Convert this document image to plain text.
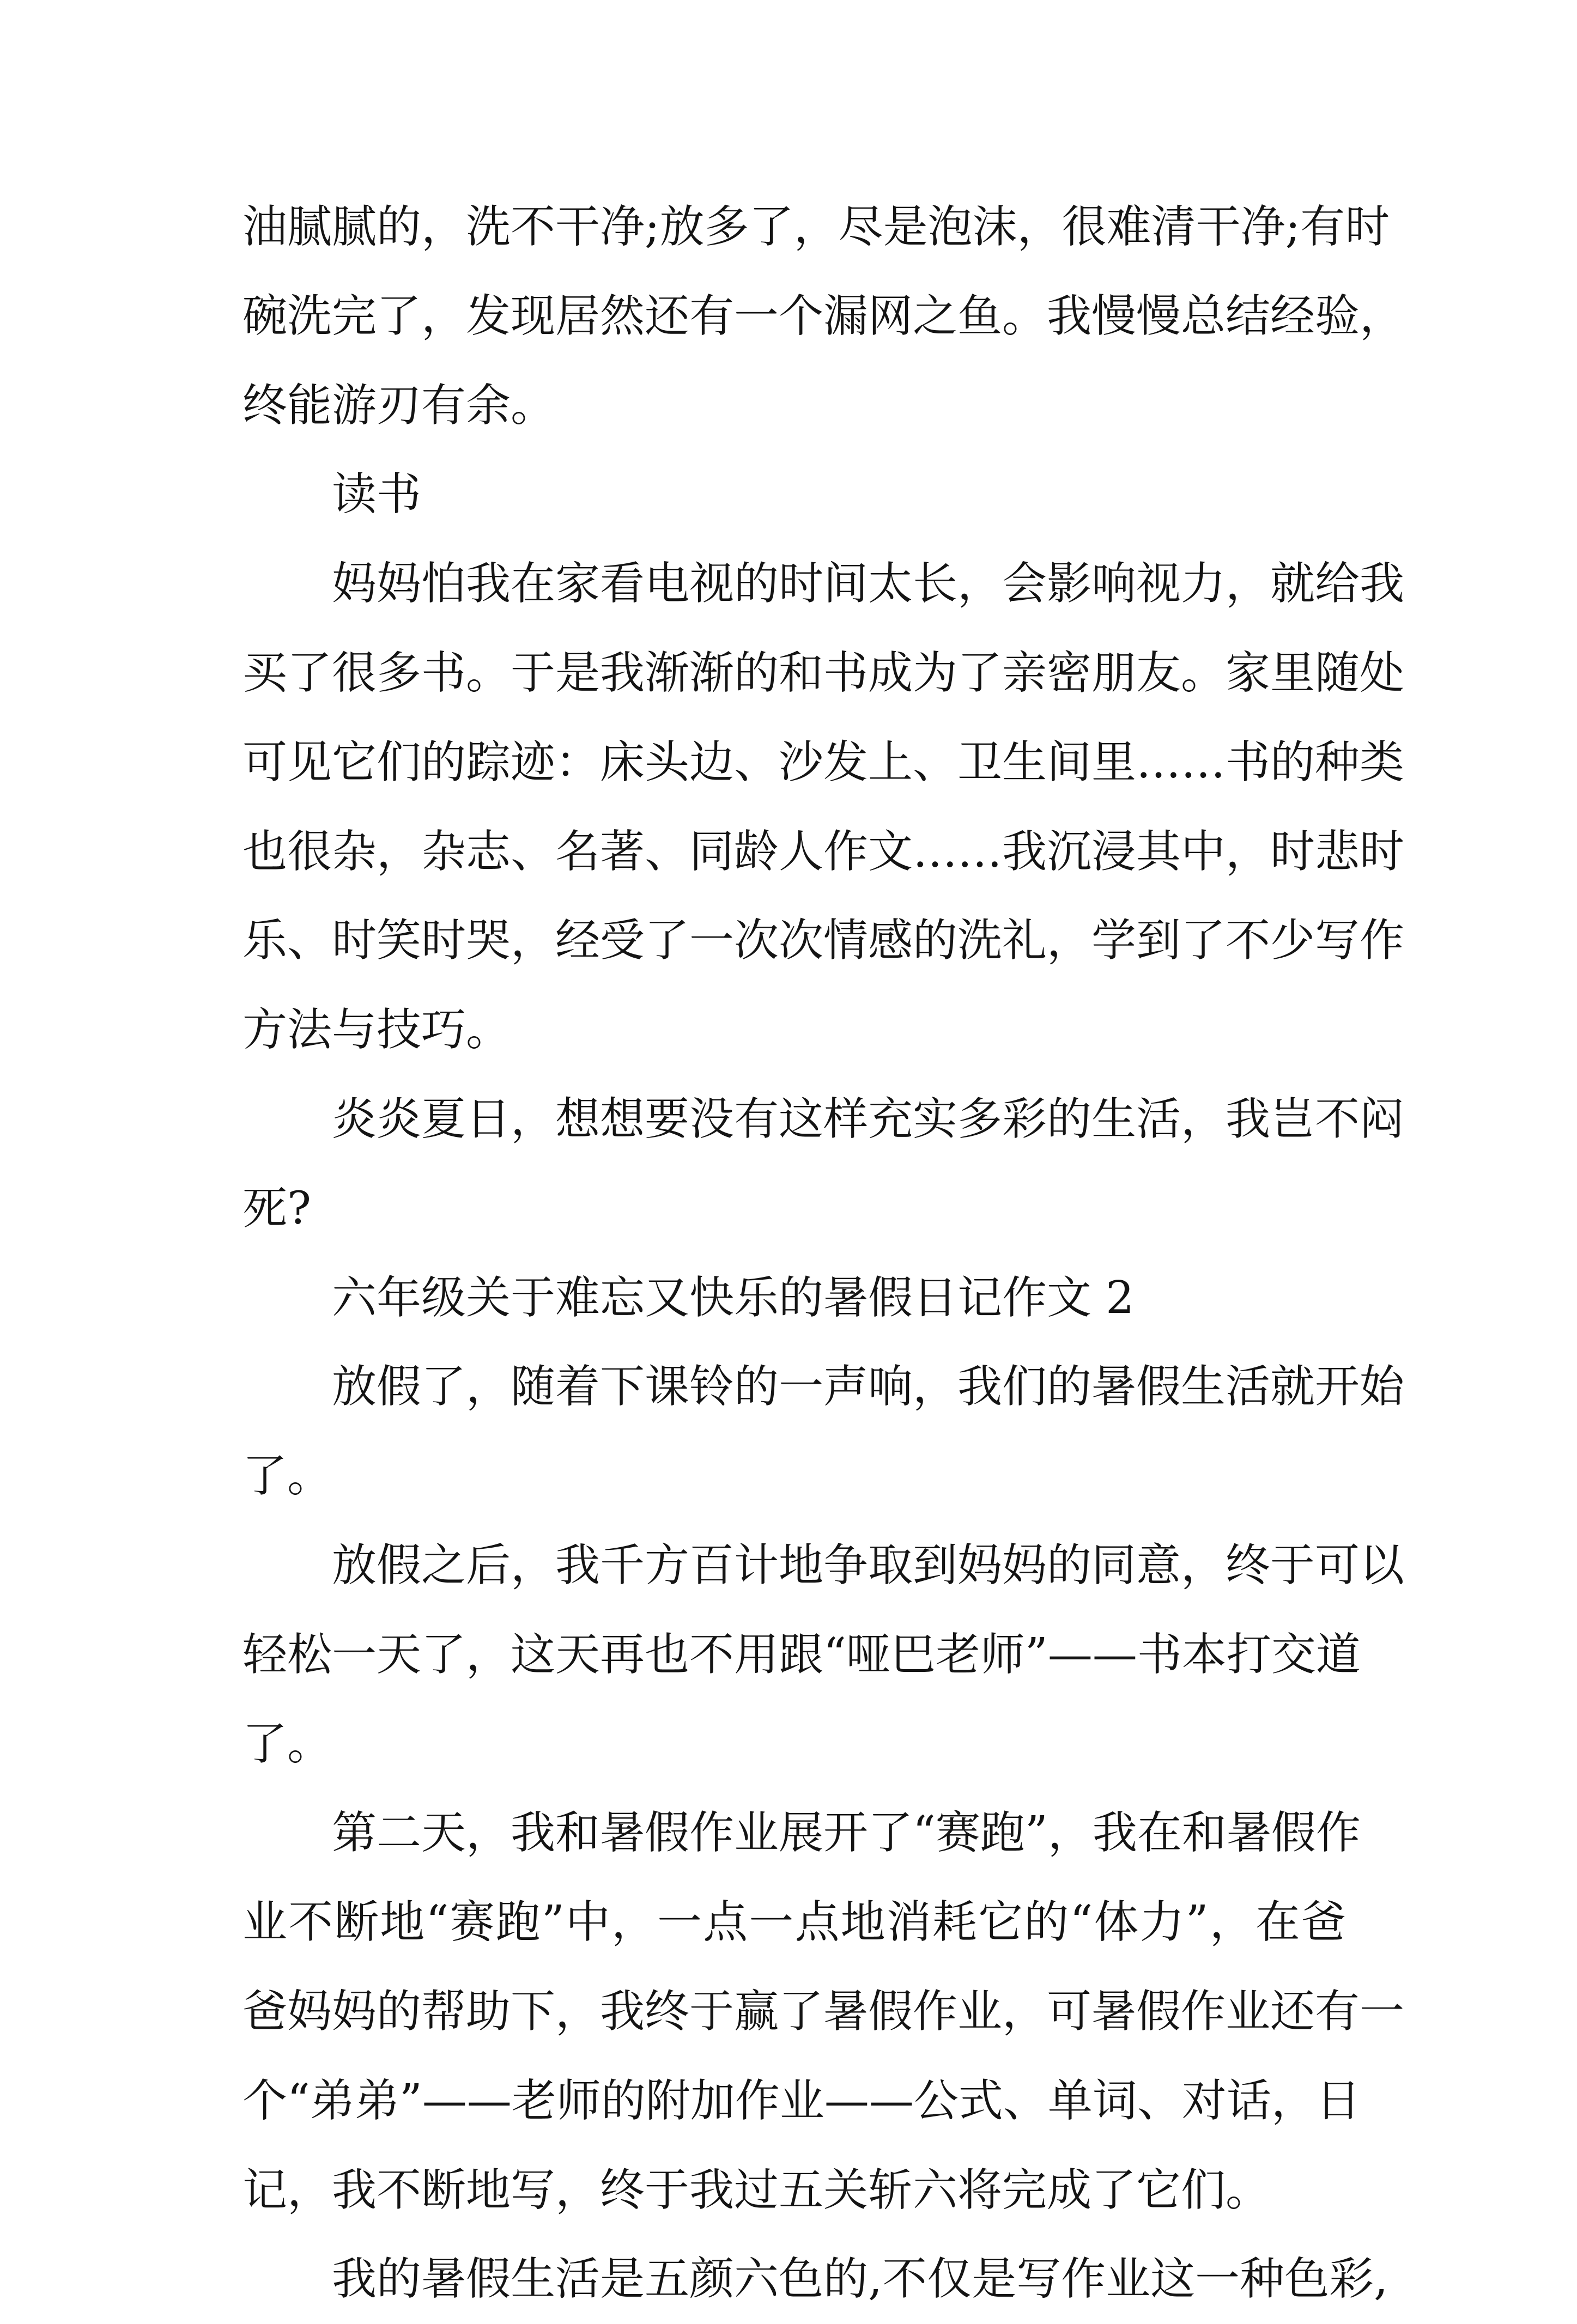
油腻腻的，洗不干净;放多了，尽是泡沫，很难清干净;有时
碗洗完了，发现居然还有一个漏网之鱼。我慢慢总结经验，
终能游刃有余。
读书
妈妈怕我在家看电视的时间太长，会影响视力，就给我
买了很多书。于是我渐渐的和书成为了亲密朋友。家里随处
可见它们的踪迹：床头边、沙发上、卫生间里……书的种类
也很杂，杂志、名著、同龄人作文……我沉浸其中，时悲时
乐、时笑时哭，经受了一次次情感的洗礼，学到了不少写作
方法与技巧。
炎炎夏日，想想要没有这样充实多彩的生活，我岂不闷
死?
六年级关于难忘又快乐的暑假日记作文 2
放假了，随着下课铃的一声响，我们的暑假生活就开始
了。
放假之后，我千方百计地争取到妈妈的同意，终于可以
轻松一天了，这天再也不用跟“哑巴老师”——书本打交道
了。
第二天，我和暑假作业展开了“赛跑”，我在和暑假作
业不断地“赛跑”中，一点一点地消耗它的“体力”，在爸
爸妈妈的帮助下，我终于赢了暑假作业，可暑假作业还有一
个“弟弟”——老师的附加作业——公式、单词、对话，日
记，我不断地写，终于我过五关斩六将完成了它们。
我的暑假生活是五颜六色的,不仅是写作业这一种色彩,
